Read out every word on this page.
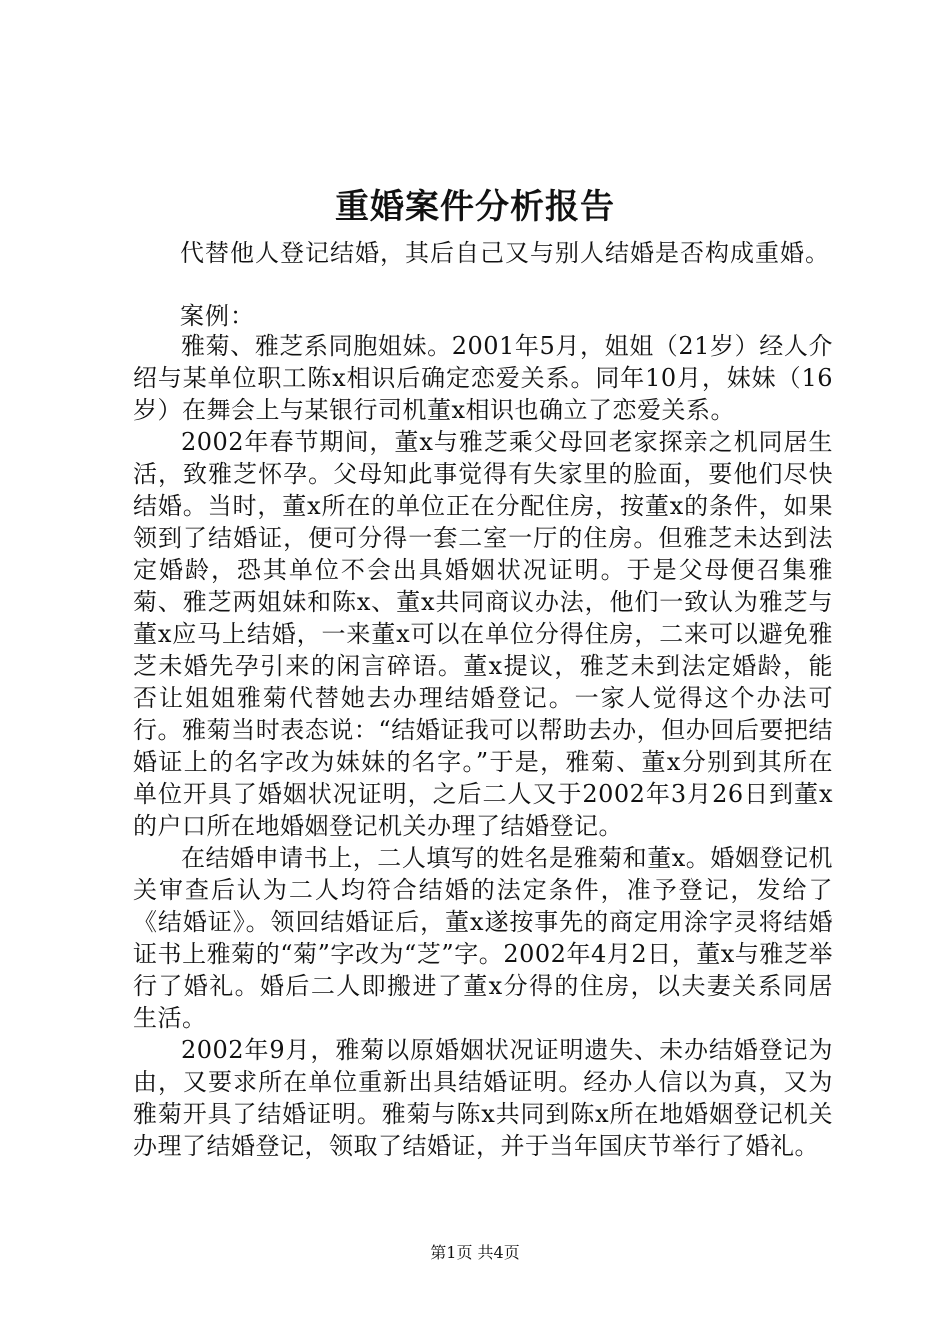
重婚案件分析报告

代替他人登记结婚，其后自己又与别人结婚是否构成重婚。

案例：

雅菊、雅芝系同胞姐妹。2001年5月，姐姐（21岁）经人介绍与某单位职工陈x相识后确定恋爱关系。同年10月，妹妹（16岁）在舞会上与某银行司机董x相识也确立了恋爱关系。

2002年春节期间，董x与雅芝乘父母回老家探亲之机同居生活，致雅芝怀孕。父母知此事觉得有失家里的脸面，要他们尽快结婚。当时，董x所在的单位正在分配住房，按董x的条件，如果领到了结婚证，便可分得一套二室一厅的住房。但雅芝未达到法定婚龄，恐其单位不会出具婚姻状况证明。于是父母便召集雅菊、雅芝两姐妹和陈x、董x共同商议办法，他们一致认为雅芝与董x应马上结婚，一来董x可以在单位分得住房，二来可以避免雅芝未婚先孕引来的闲言碎语。董x提议，雅芝未到法定婚龄，能否让姐姐雅菊代替她去办理结婚登记。一家人觉得这个办法可行。雅菊当时表态说：“结婚证我可以帮助去办，但办回后要把结婚证上的名字改为妹妹的名字。”于是，雅菊、董x分别到其所在单位开具了婚姻状况证明，之后二人又于2002年3月26日到董x的户口所在地婚姻登记机关办理了结婚登记。

在结婚申请书上，二人填写的姓名是雅菊和董x。婚姻登记机关审查后认为二人均符合结婚的法定条件，准予登记，发给了《结婚证》。领回结婚证后，董x遂按事先的商定用涂字灵将结婚证书上雅菊的“菊”字改为“芝”字。2002年4月2日，董x与雅芝举行了婚礼。婚后二人即搬进了董x分得的住房，以夫妻关系同居生活。

2002年9月，雅菊以原婚姻状况证明遗失、未办结婚登记为由，又要求所在单位重新出具结婚证明。经办人信以为真，又为雅菊开具了结婚证明。雅菊与陈x共同到陈x所在地婚姻登记机关办理了结婚登记，领取了结婚证，并于当年国庆节举行了婚礼。

第1页 共4页
